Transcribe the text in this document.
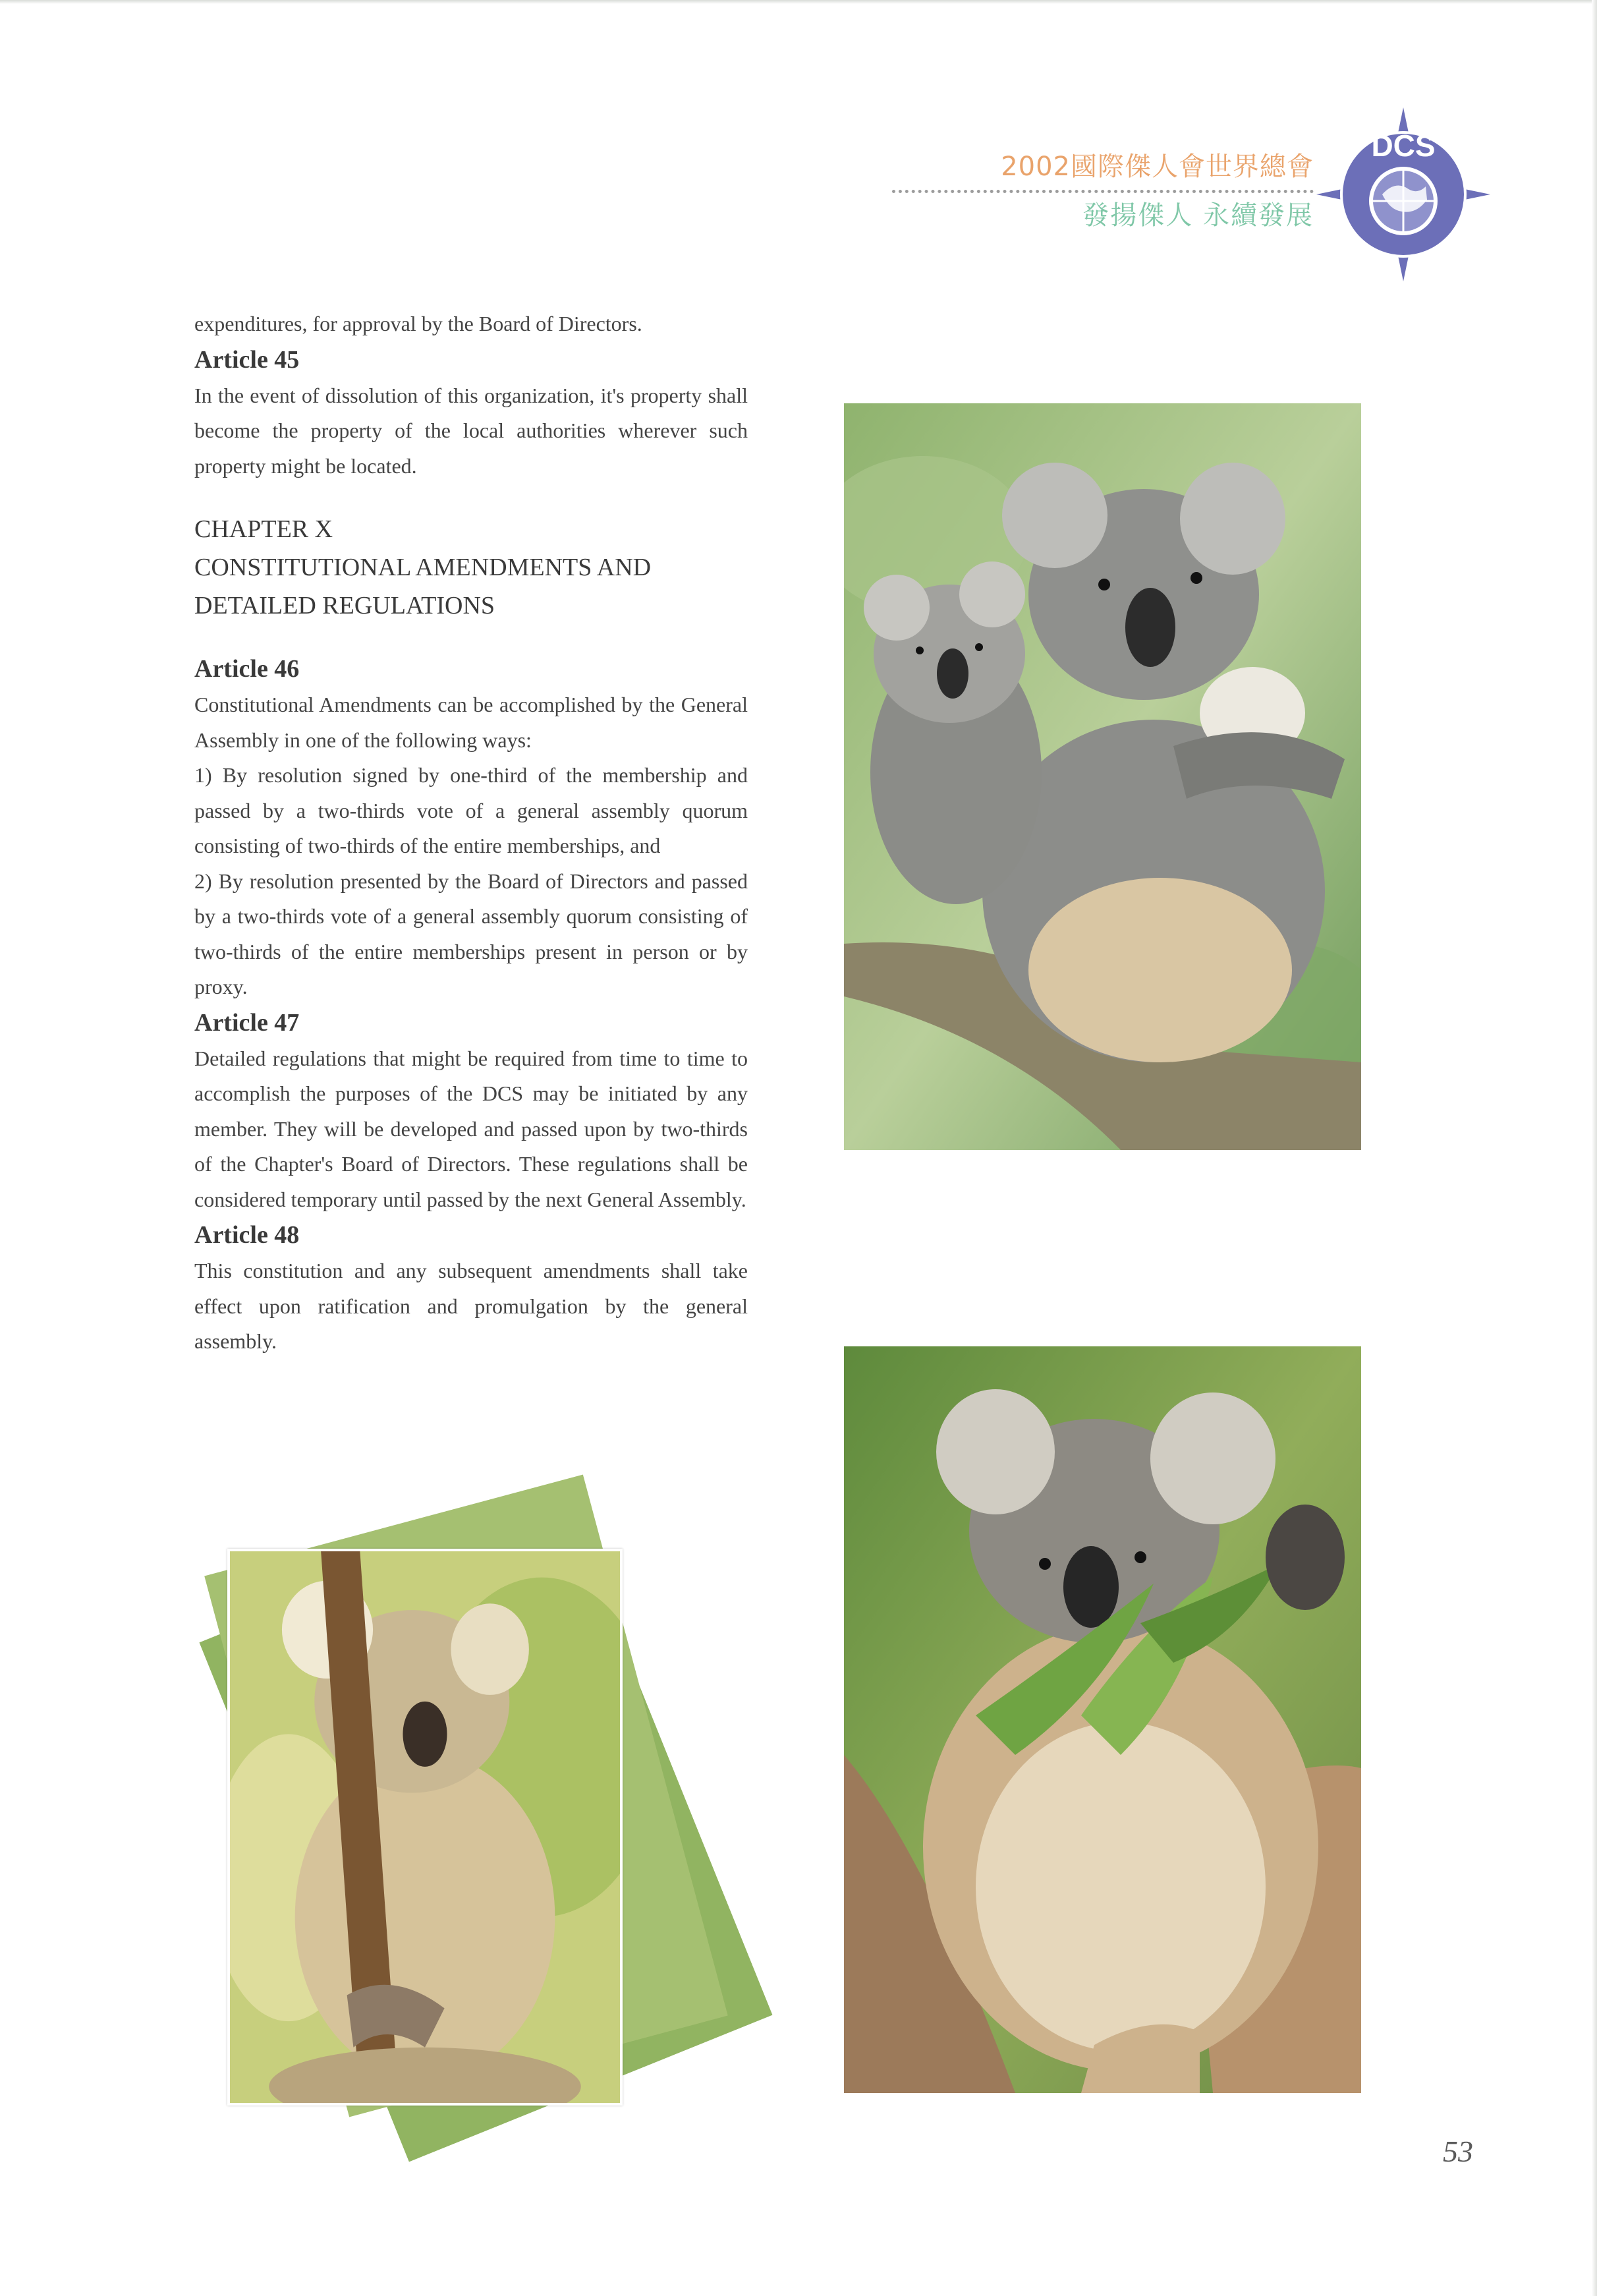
2002國際傑人會世界總會
發揚傑人 永續發展
DCS

expenditures, for approval by the Board of Directors.

Article 45

In the event of dissolution of this organization, it's property shall become the property of the local authorities wherever such property might be located.

CHAPTER X
CONSTITUTIONAL AMENDMENTS AND DETAILED REGULATIONS
Article 46

Constitutional Amendments can be accomplished by the General Assembly in one of the following ways:

1) By resolution signed by one-third of the membership and passed by a two-thirds vote of a general assembly quorum consisting of two-thirds of the entire memberships, and

2) By resolution presented by the Board of Directors and passed by a two-thirds vote of a general assembly quorum consisting of two-thirds of the entire memberships present in person or by proxy.

Article 47

Detailed regulations that might be required from time to time to accomplish the purposes of the DCS may be initiated by any member. They will be developed and passed upon by two-thirds of the Chapter's Board of Directors. These regulations shall be considered temporary until passed by the next General Assembly.

Article 48

This constitution and any subsequent amendments shall take effect upon ratification and promulgation by the general assembly.

53
